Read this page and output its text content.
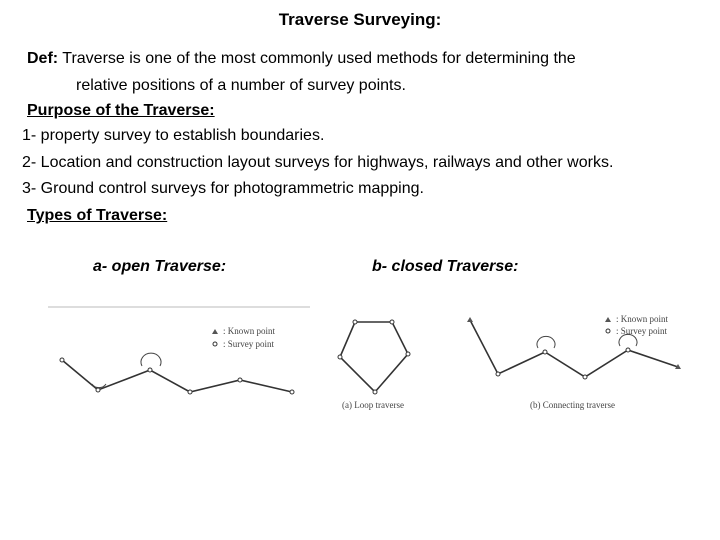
Traverse Surveying:
Def: Traverse is one of the most commonly used methods for determining the
relative positions of a number of survey points.
Purpose of the Traverse:
1- property survey to establish boundaries.
2- Location and construction layout surveys for highways, railways and other works.
3- Ground control surveys for photogrammetric mapping.
Types of Traverse:
a- open Traverse:	b- closed Traverse:
: Known point
: Survey point
(a) Loop traverse
: Known point
: Survey point
(b) Connecting traverse
